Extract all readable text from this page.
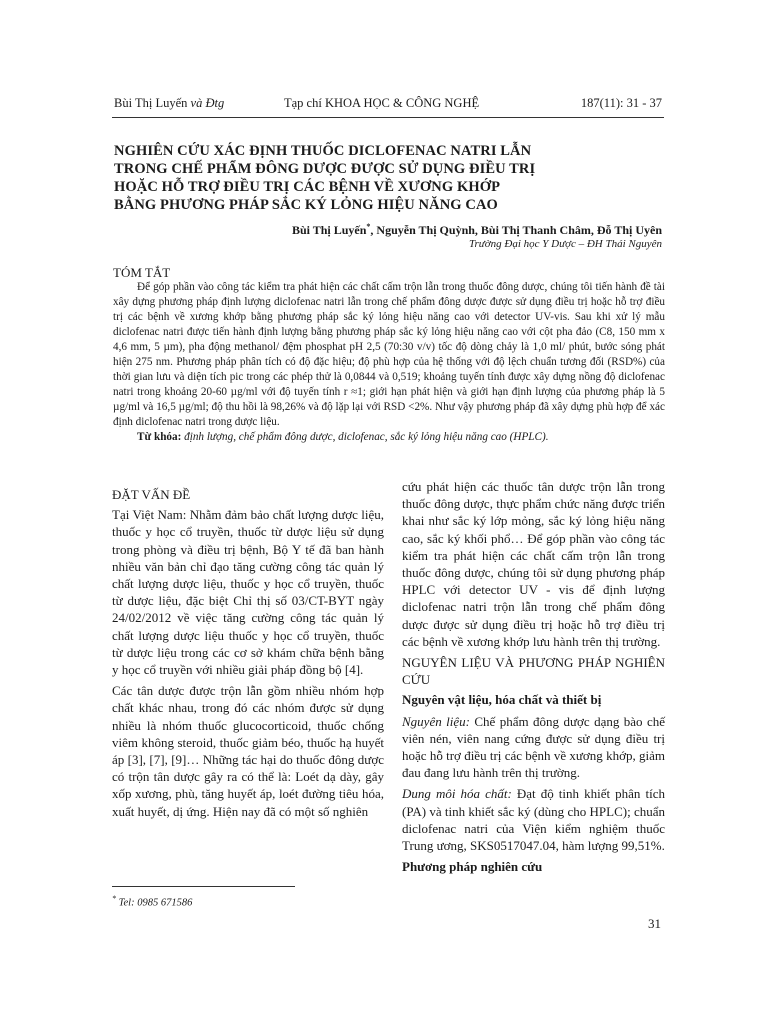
Bùi Thị Luyến và Đtg	Tạp chí KHOA HỌC & CÔNG NGHỆ	187(11): 31 - 37
NGHIÊN CỨU XÁC ĐỊNH THUỐC DICLOFENAC NATRI LẪN
TRONG CHẾ PHẨM ĐÔNG DƯỢC ĐƯỢC SỬ DỤNG ĐIỀU TRỊ
HOẶC HỖ TRỢ ĐIỀU TRỊ CÁC BỆNH VỀ XƯƠNG KHỚP
BẰNG PHƯƠNG PHÁP SẮC KÝ LỎNG HIỆU NĂNG CAO
Bùi Thị Luyến*, Nguyễn Thị Quỳnh, Bùi Thị Thanh Châm, Đỗ Thị Uyên
Trường Đại học Y Dược – ĐH Thái Nguyên
TÓM TẮT

Để góp phần vào công tác kiểm tra phát hiện các chất cấm trộn lẫn trong thuốc đông dược, chúng tôi tiến hành đề tài xây dựng phương pháp định lượng diclofenac natri lẫn trong chế phẩm đông dược được sử dụng điều trị hoặc hỗ trợ điều trị các bệnh về xương khớp bằng phương pháp sắc ký lỏng hiệu năng cao với detector UV-vis. Sau khi xử lý mẫu diclofenac natri được tiến hành định lượng bằng phương pháp sắc ký lỏng hiệu năng cao với cột pha đảo (C8, 150 mm x 4,6 mm, 5 µm), pha động methanol/ đệm phosphat pH 2,5 (70:30 v/v) tốc độ dòng chảy là 1,0 ml/ phút, bước sóng phát hiện 275 nm. Phương pháp phân tích có độ đặc hiệu; độ phù hợp của hệ thống với độ lệch chuẩn tương đối (RSD%) của thời gian lưu và diện tích pic trong các phép thử là 0,0844 và 0,519; khoảng tuyến tính được xây dựng nồng độ diclofenac natri trong khoảng 20-60 µg/ml với độ tuyến tính r ≈1; giới hạn phát hiện và giới hạn định lượng của phương pháp là 5 µg/ml và 16,5 µg/ml; độ thu hồi là 98,26% và độ lặp lại với RSD <2%. Như vậy phương pháp đã xây dựng phù hợp để xác định diclofenac natri trong dược liệu.

Từ khóa: định lượng, chế phẩm đông dược, diclofenac, sắc ký lỏng hiệu năng cao (HPLC).

ĐẶT VẤN ĐỀ

Tại Việt Nam: Nhằm đảm bảo chất lượng dược liệu, thuốc y học cổ truyền, thuốc từ dược liệu sử dụng trong phòng và điều trị bệnh, Bộ Y tế đã ban hành nhiều văn bản chỉ đạo tăng cường công tác quản lý chất lượng dược liệu, thuốc y học cổ truyền, thuốc từ dược liệu, đặc biệt Chỉ thị số 03/CT-BYT ngày 24/02/2012 về việc tăng cường công tác quản lý chất lượng dược liệu thuốc y học cổ truyền, thuốc từ dược liệu trong các cơ sở khám chữa bệnh bằng y học cổ truyền với nhiều giải pháp đồng bộ [4].

Các tân dược được trộn lẫn gồm nhiều nhóm hợp chất khác nhau, trong đó các nhóm được sử dụng nhiều là nhóm thuốc glucocorticoid, thuốc chống viêm không steroid, thuốc giảm béo, thuốc hạ huyết áp [3], [7], [9]… Những tác hại do thuốc đông dược có trộn tân dược gây ra có thể là: Loét dạ dày, gây xốp xương, phù, tăng huyết áp, loét đường tiêu hóa, xuất huyết, dị ứng. Hiện nay đã có một số nghiên

cứu phát hiện các thuốc tân dược trộn lẫn trong thuốc đông dược, thực phẩm chức năng được triển khai như sắc ký lớp mỏng, sắc ký lỏng hiệu năng cao, sắc ký khối phổ… Để góp phần vào công tác kiểm tra phát hiện các chất cấm trộn lẫn trong thuốc đông dược, chúng tôi sử dụng phương pháp HPLC với detector UV - vis để định lượng diclofenac natri trộn lẫn trong chế phẩm đông dược được sử dụng điều trị hoặc hỗ trợ điều trị các bệnh về xương khớp lưu hành trên thị trường.

NGUYÊN LIỆU VÀ PHƯƠNG PHÁP NGHIÊN CỨU
Nguyên vật liệu, hóa chất và thiết bị

Nguyên liệu: Chế phẩm đông dược dạng bào chế viên nén, viên nang cứng được sử dụng điều trị hoặc hỗ trợ điều trị các bệnh về xương khớp, giảm đau đang lưu hành trên thị trường.

Dung môi hóa chất: Đạt độ tinh khiết phân tích (PA) và tinh khiết sắc ký (dùng cho HPLC); chuẩn diclofenac natri của Viện kiểm nghiệm thuốc Trung ương, SKS0517047.04, hàm lượng 99,51%.

Phương pháp nghiên cứu
* Tel: 0985 671586
31
